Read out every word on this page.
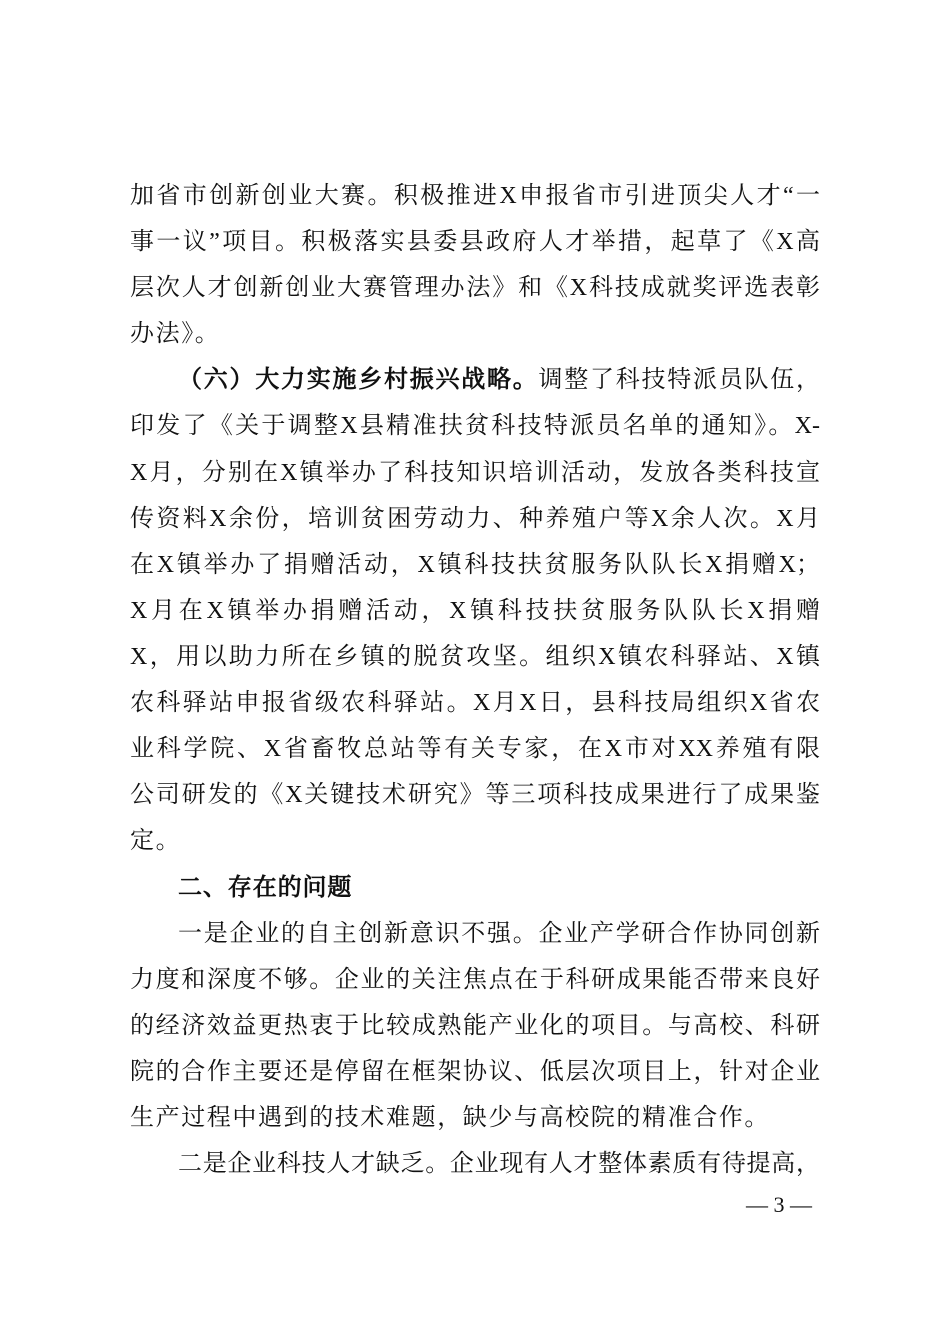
加省市创新创业大赛。积极推进X申报省市引进顶尖人才“一
事一议”项目。积极落实县委县政府人才举措，起草了《X高
层次人才创新创业大赛管理办法》和《X科技成就奖评选表彰
办法》。
（六）大力实施乡村振兴战略。调整了科技特派员队伍，
印发了《关于调整X县精准扶贫科技特派员名单的通知》。X-
X月，分别在X镇举办了科技知识培训活动，发放各类科技宣
传资料X余份，培训贫困劳动力、种养殖户等X余人次。X月
在X镇举办了捐赠活动，X镇科技扶贫服务队队长X捐赠X；
X月在X镇举办捐赠活动，X镇科技扶贫服务队队长X捐赠
X，用以助力所在乡镇的脱贫攻坚。组织X镇农科驿站、X镇
农科驿站申报省级农科驿站。X月X日，县科技局组织X省农
业科学院、X省畜牧总站等有关专家，在X市对XX养殖有限
公司研发的《X关键技术研究》等三项科技成果进行了成果鉴
定。
二、存在的问题
一是企业的自主创新意识不强。企业产学研合作协同创新
力度和深度不够。企业的关注焦点在于科研成果能否带来良好
的经济效益更热衷于比较成熟能产业化的项目。与高校、科研
院的合作主要还是停留在框架协议、低层次项目上，针对企业
生产过程中遇到的技术难题，缺少与高校院的精准合作。
二是企业科技人才缺乏。企业现有人才整体素质有待提高，
— 3 —
